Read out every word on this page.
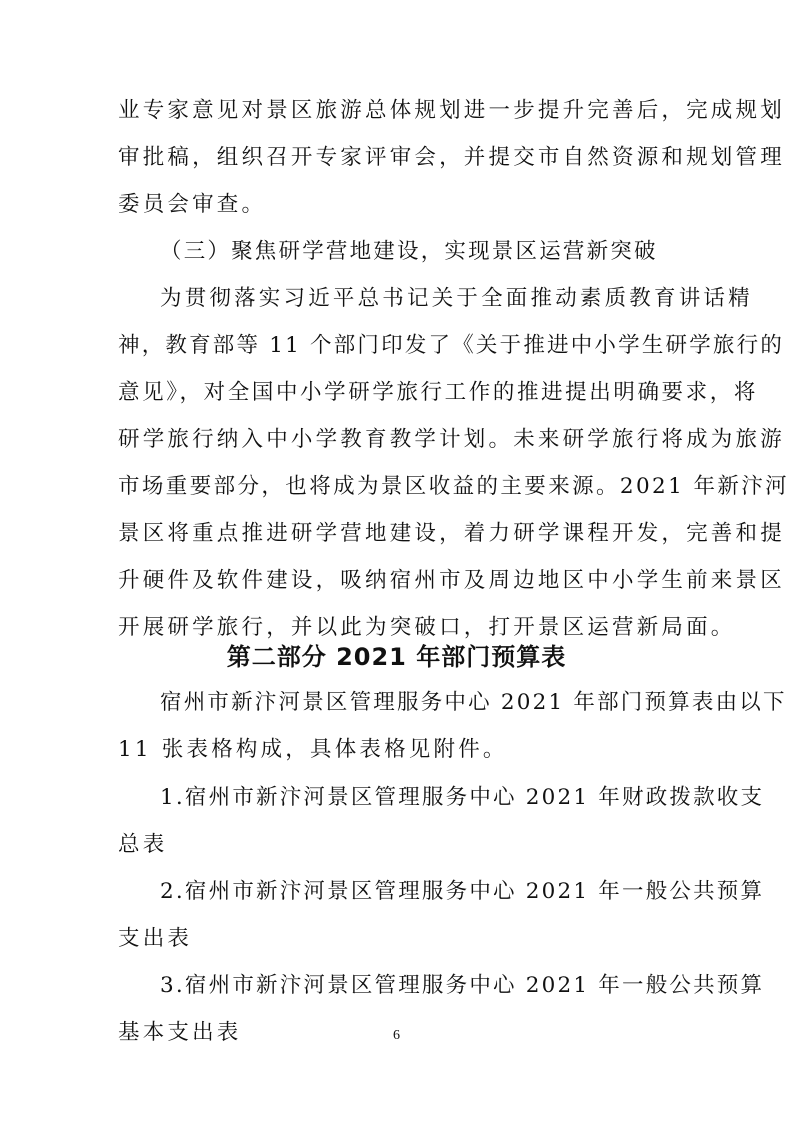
业专家意见对景区旅游总体规划进一步提升完善后，完成规划
审批稿，组织召开专家评审会，并提交市自然资源和规划管理
委员会审查。
（三）聚焦研学营地建设，实现景区运营新突破
为贯彻落实习近平总书记关于全面推动素质教育讲话精
神，教育部等 11 个部门印发了《关于推进中小学生研学旅行的
意见》，对全国中小学研学旅行工作的推进提出明确要求，将
研学旅行纳入中小学教育教学计划。未来研学旅行将成为旅游
市场重要部分，也将成为景区收益的主要来源。2021 年新汴河
景区将重点推进研学营地建设，着力研学课程开发，完善和提
升硬件及软件建设，吸纳宿州市及周边地区中小学生前来景区
开展研学旅行，并以此为突破口，打开景区运营新局面。
第二部分 2021 年部门预算表
宿州市新汴河景区管理服务中心 2021 年部门预算表由以下
11 张表格构成，具体表格见附件。
1.宿州市新汴河景区管理服务中心 2021 年财政拨款收支
总表
2.宿州市新汴河景区管理服务中心 2021 年一般公共预算
支出表
3.宿州市新汴河景区管理服务中心 2021 年一般公共预算
基本支出表	6
